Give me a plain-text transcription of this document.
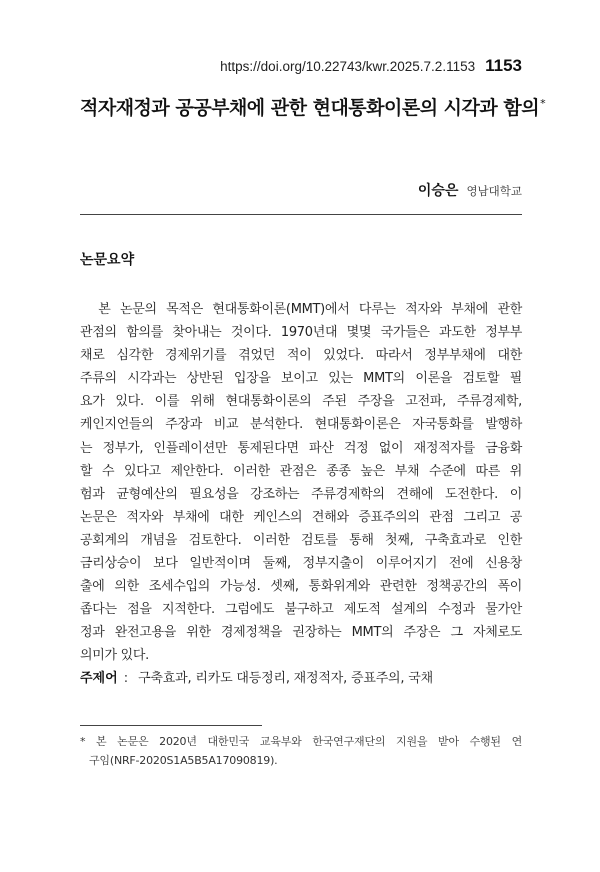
https://doi.org/10.22743/kwr.2025.7.2.1153 1153
적자재정과 공공부채에 관한 현대통화이론의 시각과 함의*
이승은 영남대학교
논문요약
　본 논문의 목적은 현대통화이론(MMT)에서 다루는 적자와 부채에 관한
관점의 함의를 찾아내는 것이다. 1970년대 몇몇 국가들은 과도한 정부부
채로 심각한 경제위기를 겪었던 적이 있었다. 따라서 정부부채에 대한
주류의 시각과는 상반된 입장을 보이고 있는 MMT의 이론을 검토할 필
요가 있다. 이를 위해 현대통화이론의 주된 주장을 고전파, 주류경제학,
케인지언들의 주장과 비교 분석한다. 현대통화이론은 자국통화를 발행하
는 정부가, 인플레이션만 통제된다면 파산 걱정 없이 재정적자를 금융화
할 수 있다고 제안한다. 이러한 관점은 종종 높은 부채 수준에 따른 위
험과 균형예산의 필요성을 강조하는 주류경제학의 견해에 도전한다. 이
논문은 적자와 부채에 대한 케인스의 견해와 증표주의의 관점 그리고 공
공회계의 개념을 검토한다. 이러한 검토를 통해 첫째, 구축효과로 인한
금리상승이 보다 일반적이며 둘째, 정부지출이 이루어지기 전에 신용창
출에 의한 조세수입의 가능성. 셋째, 통화위계와 관련한 정책공간의 폭이
좁다는 점을 지적한다. 그럼에도 불구하고 제도적 설계의 수정과 물가안
정과 완전고용을 위한 경제정책을 권장하는 MMT의 주장은 그 자체로도
의미가 있다.
주제어 : 구축효과, 리카도 대등정리, 재정적자, 증표주의, 국채
* 본 논문은 2020년 대한민국 교육부와 한국연구재단의 지원을 받아 수행된 연
구임(NRF-2020S1A5B5A17090819).
